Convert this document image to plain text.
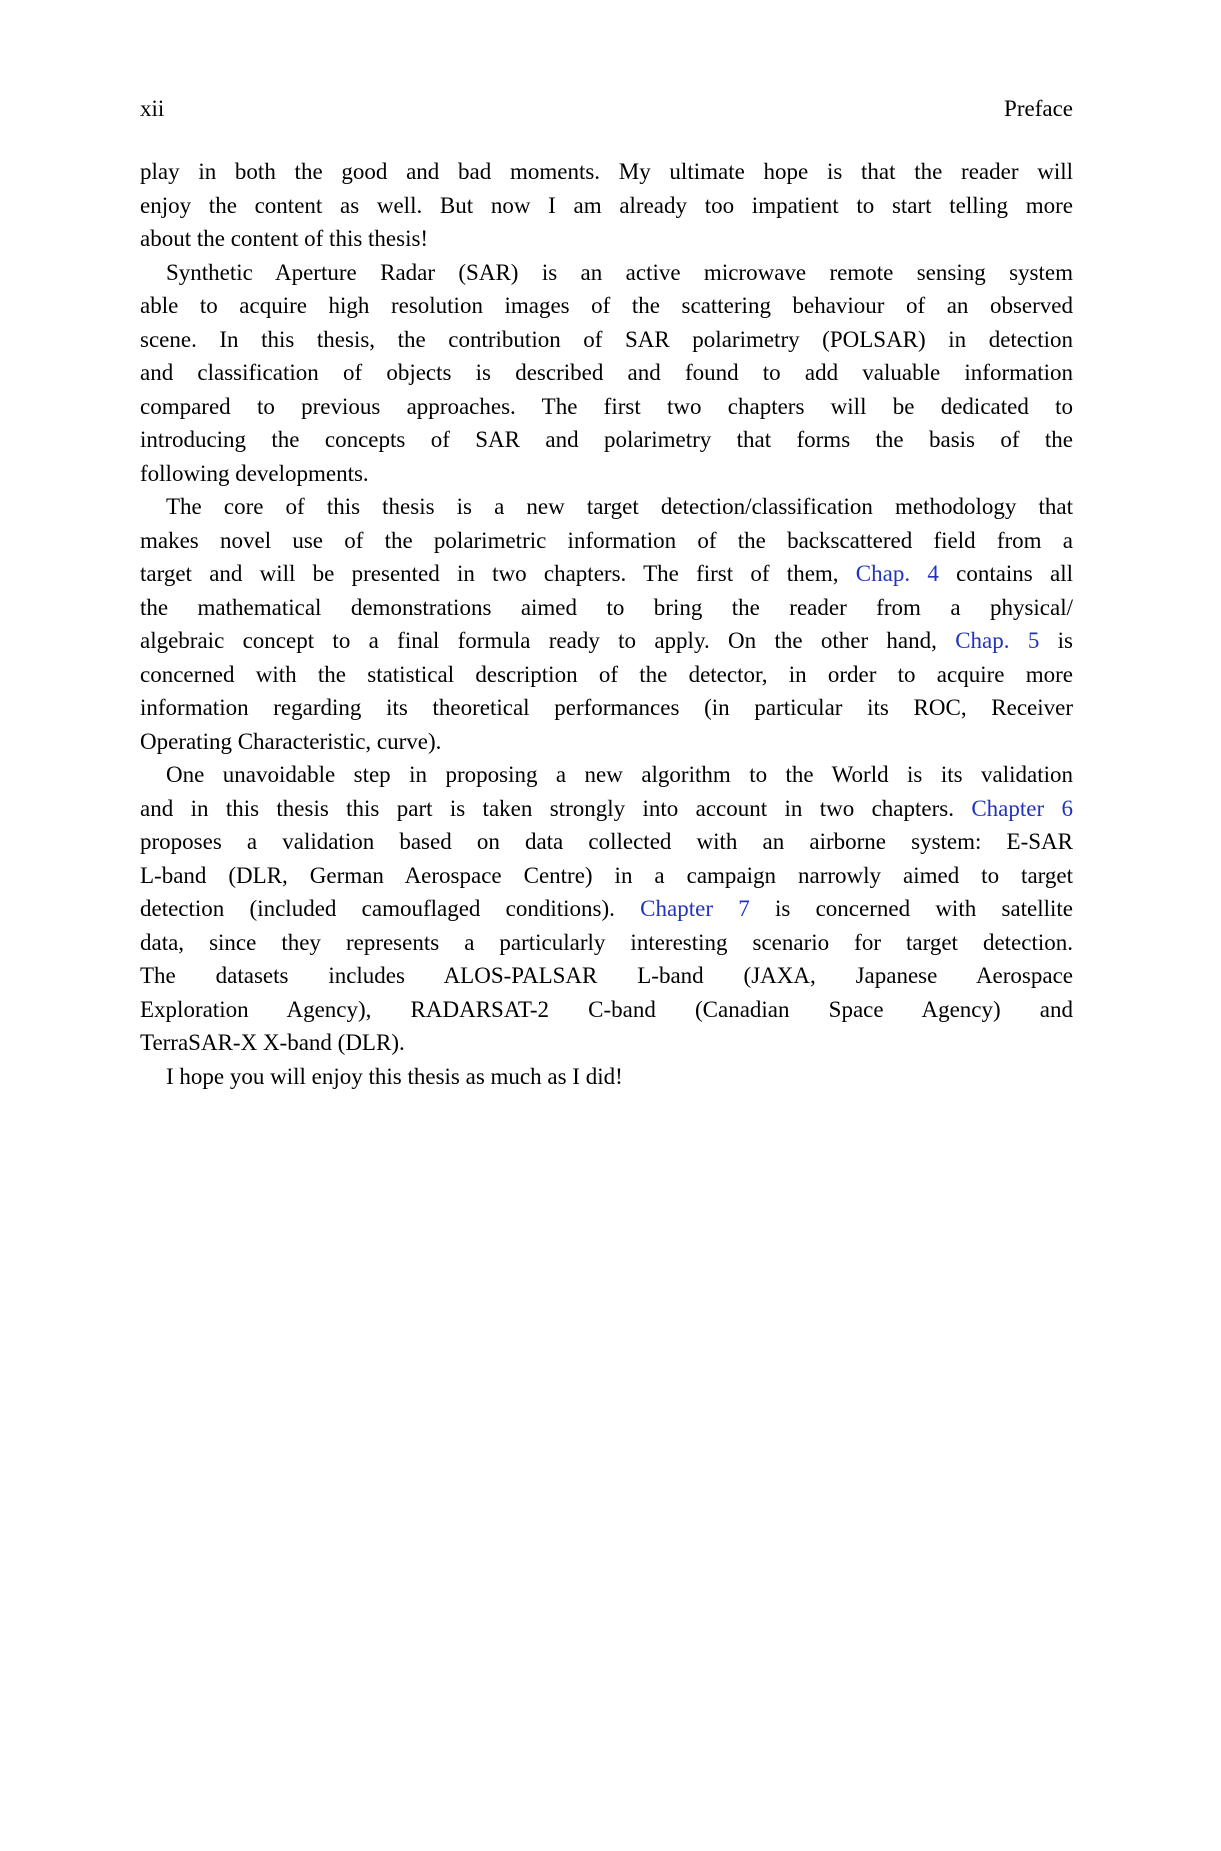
xii	Preface
play in both the good and bad moments. My ultimate hope is that the reader will
enjoy the content as well. But now I am already too impatient to start telling more
about the content of this thesis!
Synthetic Aperture Radar (SAR) is an active microwave remote sensing system
able to acquire high resolution images of the scattering behaviour of an observed
scene. In this thesis, the contribution of SAR polarimetry (POLSAR) in detection
and classification of objects is described and found to add valuable information
compared to previous approaches. The first two chapters will be dedicated to
introducing the concepts of SAR and polarimetry that forms the basis of the
following developments.
The core of this thesis is a new target detection/classification methodology that
makes novel use of the polarimetric information of the backscattered field from a
target and will be presented in two chapters. The first of them, Chap. 4 contains all
the mathematical demonstrations aimed to bring the reader from a physical/
algebraic concept to a final formula ready to apply. On the other hand, Chap. 5 is
concerned with the statistical description of the detector, in order to acquire more
information regarding its theoretical performances (in particular its ROC, Receiver
Operating Characteristic, curve).
One unavoidable step in proposing a new algorithm to the World is its validation
and in this thesis this part is taken strongly into account in two chapters. Chapter 6
proposes a validation based on data collected with an airborne system: E-SAR
L-band (DLR, German Aerospace Centre) in a campaign narrowly aimed to target
detection (included camouflaged conditions). Chapter 7 is concerned with satellite
data, since they represents a particularly interesting scenario for target detection.
The datasets includes ALOS-PALSAR L-band (JAXA, Japanese Aerospace
Exploration Agency), RADARSAT-2 C-band (Canadian Space Agency) and
TerraSAR-X X-band (DLR).
I hope you will enjoy this thesis as much as I did!
